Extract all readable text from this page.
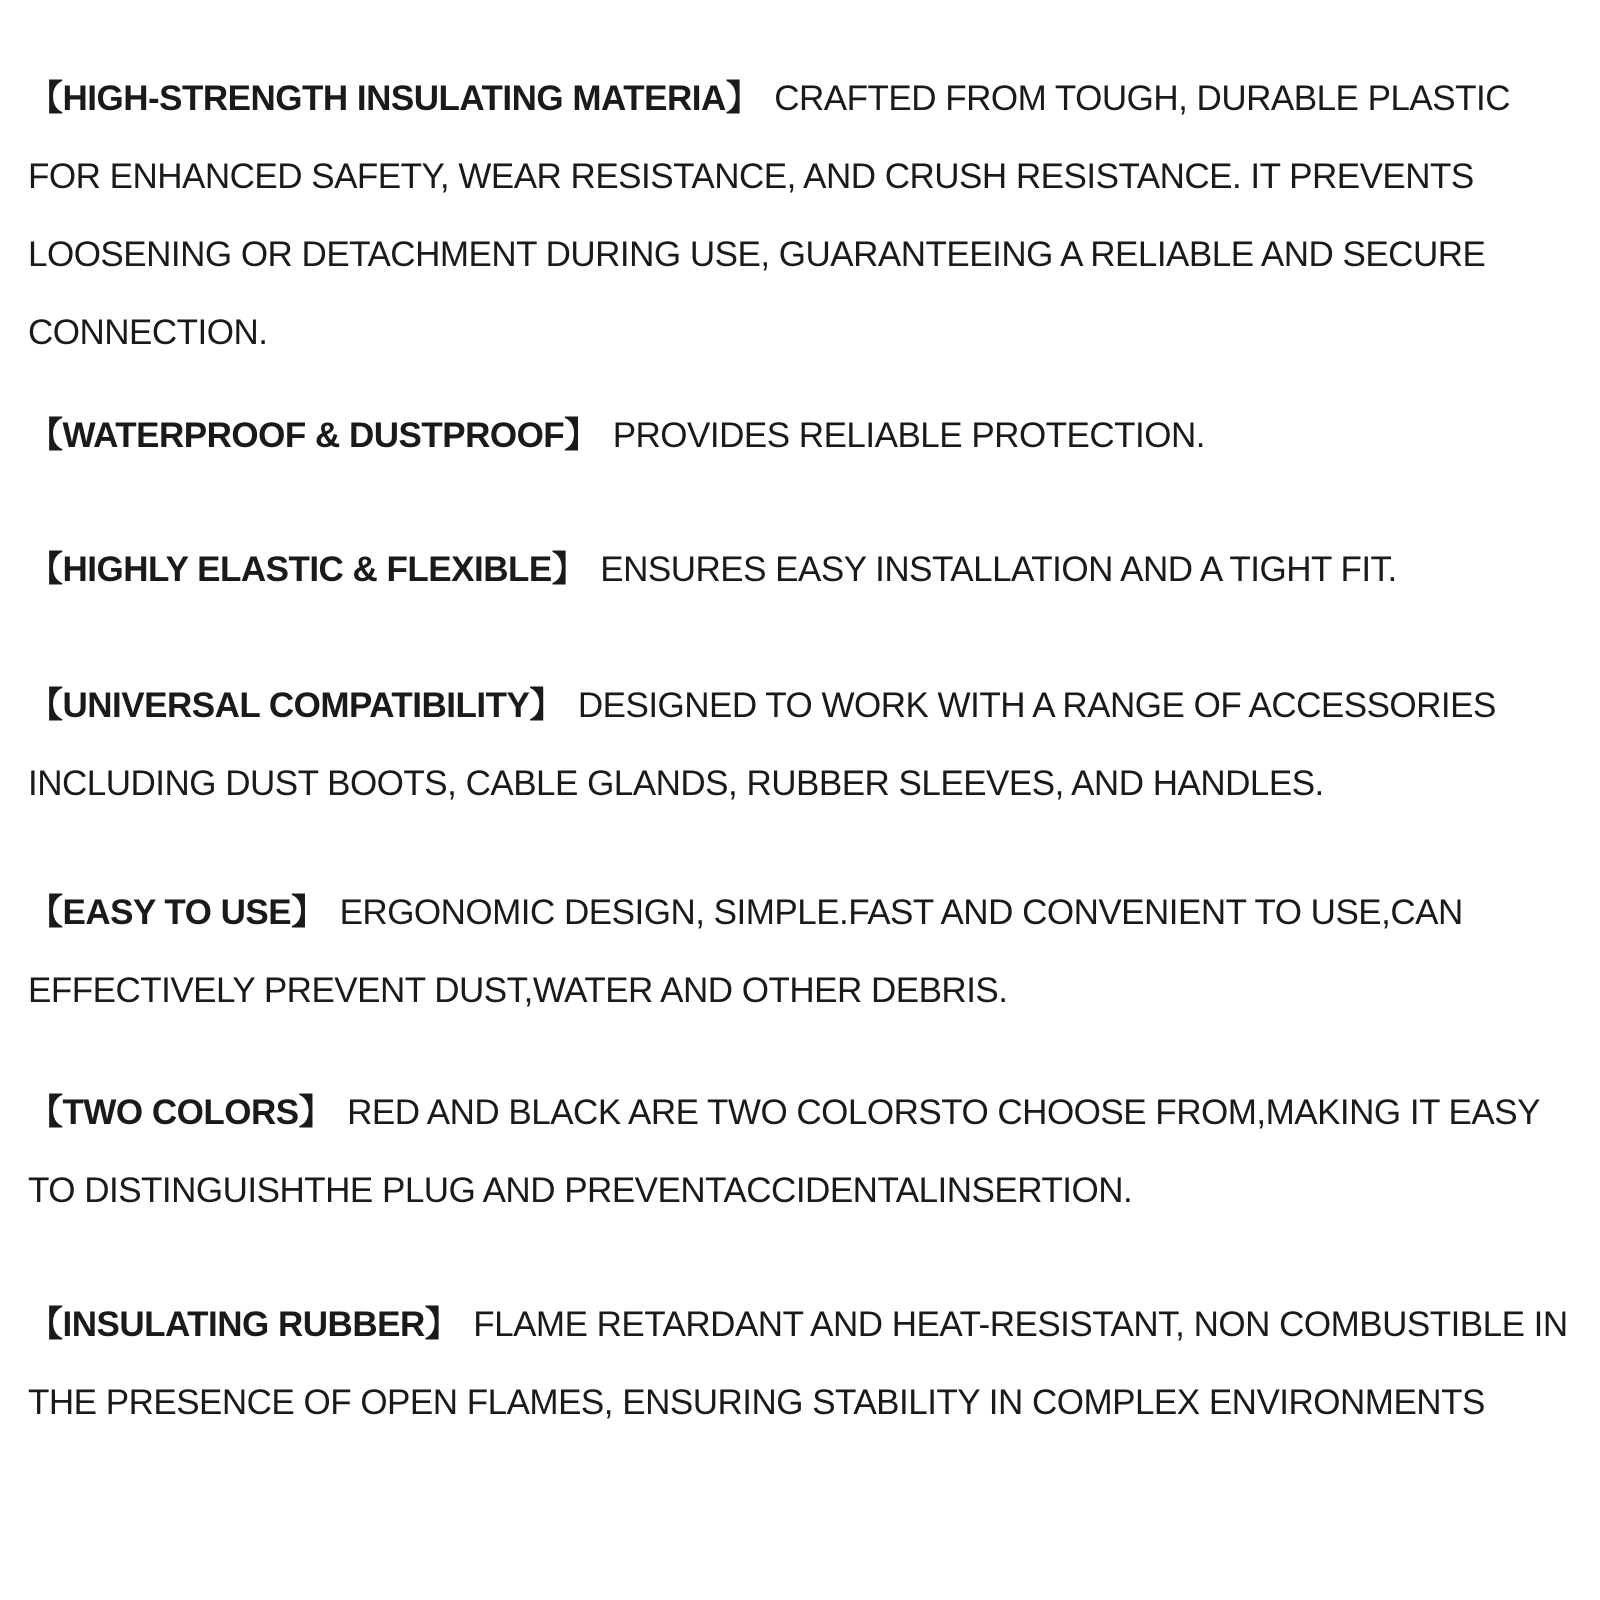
【HIGH-STRENGTH INSULATING MATERIA】 CRAFTED FROM TOUGH, DURABLE PLASTIC FOR ENHANCED SAFETY, WEAR RESISTANCE, AND CRUSH RESISTANCE. IT PREVENTS LOOSENING OR DETACHMENT DURING USE, GUARANTEEING A RELIABLE AND SECURE CONNECTION.

【WATERPROOF & DUSTPROOF】 PROVIDES RELIABLE PROTECTION.

【HIGHLY ELASTIC & FLEXIBLE】 ENSURES EASY INSTALLATION AND A TIGHT FIT.

【UNIVERSAL COMPATIBILITY】 DESIGNED TO WORK WITH A RANGE OF ACCESSORIES INCLUDING DUST BOOTS, CABLE GLANDS, RUBBER SLEEVES, AND HANDLES.

【EASY TO USE】 ERGONOMIC DESIGN, SIMPLE.FAST AND CONVENIENT TO USE,CAN EFFECTIVELY PREVENT DUST,WATER AND OTHER DEBRIS.

【TWO COLORS】 RED AND BLACK ARE TWO COLORSTO CHOOSE FROM,MAKING IT EASY TO DISTINGUISHTHE PLUG AND PREVENTACCIDENTALINSERTION.

【INSULATING RUBBER】 FLAME RETARDANT AND HEAT-RESISTANT, NON COMBUSTIBLE IN THE PRESENCE OF OPEN FLAMES, ENSURING STABILITY IN COMPLEX ENVIRONMENTS
